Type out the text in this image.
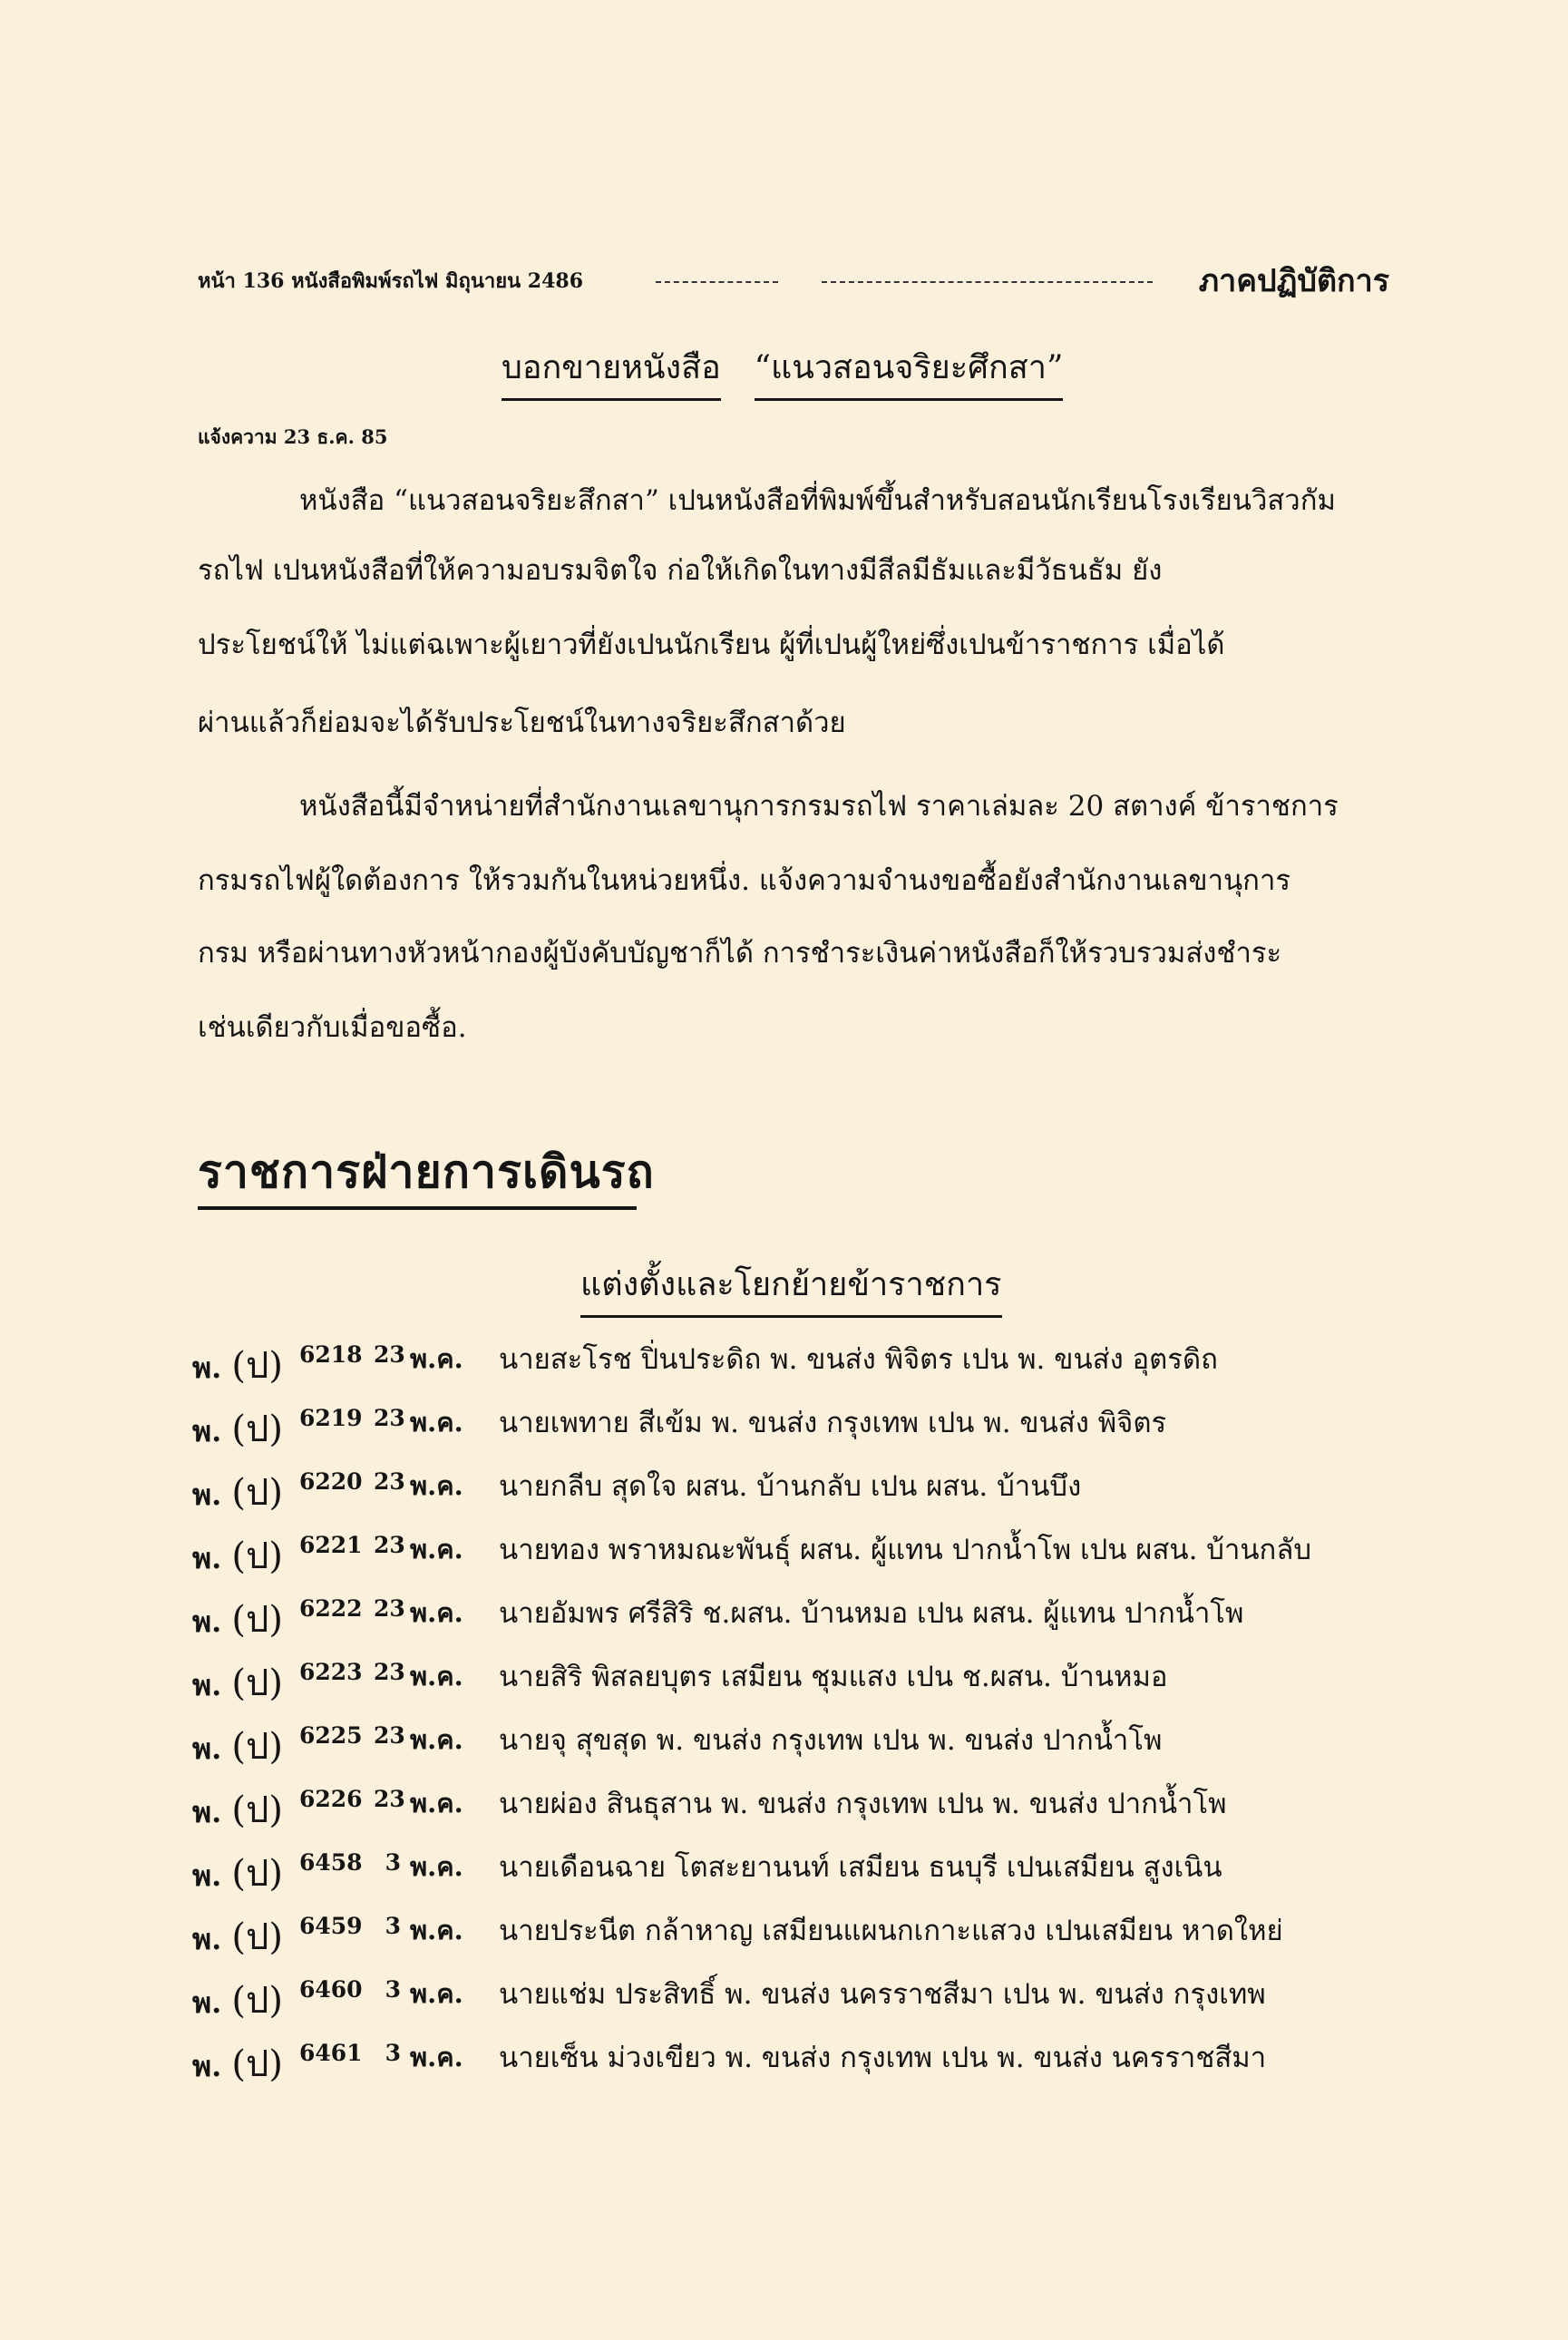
หน้า 136 หนังสือพิมพ์รถไฟ มิถุนายน 2486	ภาคปฏิบัติการ
บอกขายหนังสือ “แนวสอนจริยะศึกสา”
แจ้งความ 23 ธ.ค. 85
หนังสือ “แนวสอนจริยะสึกสา” เปนหนังสือที่พิมพ์ขึ้นสำหรับสอนนักเรียนโรงเรียนวิสวกัม
รถไฟ เปนหนังสือที่ให้ความอบรมจิตใจ ก่อให้เกิดในทางมีสีลมีธัมและมีวัธนธัม ยัง
ประโยชน์ให้ ไม่แต่ฉเพาะผู้เยาวที่ยังเปนนักเรียน ผู้ที่เปนผู้ใหย่ซึ่งเปนข้าราชการ เมื่อได้
ผ่านแล้วก็ย่อมจะได้รับประโยชน์ในทางจริยะสึกสาด้วย
หนังสือนี้มีจำหน่ายที่สำนักงานเลขานุการกรมรถไฟ ราคาเล่มละ 20 สตางค์ ข้าราชการ
กรมรถไฟผู้ใดต้องการ ให้รวมกันในหน่วยหนึ่ง. แจ้งความจำนงขอซื้อยังสำนักงานเลขานุการ
กรม หรือผ่านทางหัวหน้ากองผู้บังคับบัญชาก็ได้ การชำระเงินค่าหนังสือก็ให้รวบรวมส่งชำระ
เช่นเดียวกับเมื่อขอซื้อ.
ราชการฝ่ายการเดินรถ
แต่งตั้งและโยกย้ายข้าราชการ
พ. (ป) 6218 23 พ.ค. นายสะโรช ปิ่นประดิถ พ. ขนส่ง พิจิตร เปน พ. ขนส่ง อุตรดิถ
พ. (ป) 6219 23 พ.ค. นายเพทาย สีเข้ม พ. ขนส่ง กรุงเทพ เปน พ. ขนส่ง พิจิตร
พ. (ป) 6220 23 พ.ค. นายกลีบ สุดใจ ผสน. บ้านกลับ เปน ผสน. บ้านบึง
พ. (ป) 6221 23 พ.ค. นายทอง พราหมณะพันธุ์ ผสน. ผู้แทน ปากน้ำโพ เปน ผสน. บ้านกลับ
พ. (ป) 6222 23 พ.ค. นายอัมพร ศรีสิริ ช.ผสน. บ้านหมอ เปน ผสน. ผู้แทน ปากน้ำโพ
พ. (ป) 6223 23 พ.ค. นายสิริ พิสลยบุตร เสมียน ชุมแสง เปน ช.ผสน. บ้านหมอ
พ. (ป) 6225 23 พ.ค. นายจุ สุขสุด พ. ขนส่ง กรุงเทพ เปน พ. ขนส่ง ปากน้ำโพ
พ. (ป) 6226 23 พ.ค. นายผ่อง สินธุสาน พ. ขนส่ง กรุงเทพ เปน พ. ขนส่ง ปากน้ำโพ
พ. (ป) 6458	3 พ.ค. นายเดือนฉาย โตสะยานนท์ เสมียน ธนบุรี เปนเสมียน สูงเนิน
พ. (ป) 6459	3 พ.ค. นายประนีต กล้าหาญ เสมียนแผนกเกาะแสวง เปนเสมียน หาดใหย่
พ. (ป) 6460	3 พ.ค. นายแช่ม ประสิทธิ์ พ. ขนส่ง นครราชสีมา เปน พ. ขนส่ง กรุงเทพ
พ. (ป) 6461	3 พ.ค. นายเซ็น ม่วงเขียว พ. ขนส่ง กรุงเทพ เปน พ. ขนส่ง นครราชสีมา
